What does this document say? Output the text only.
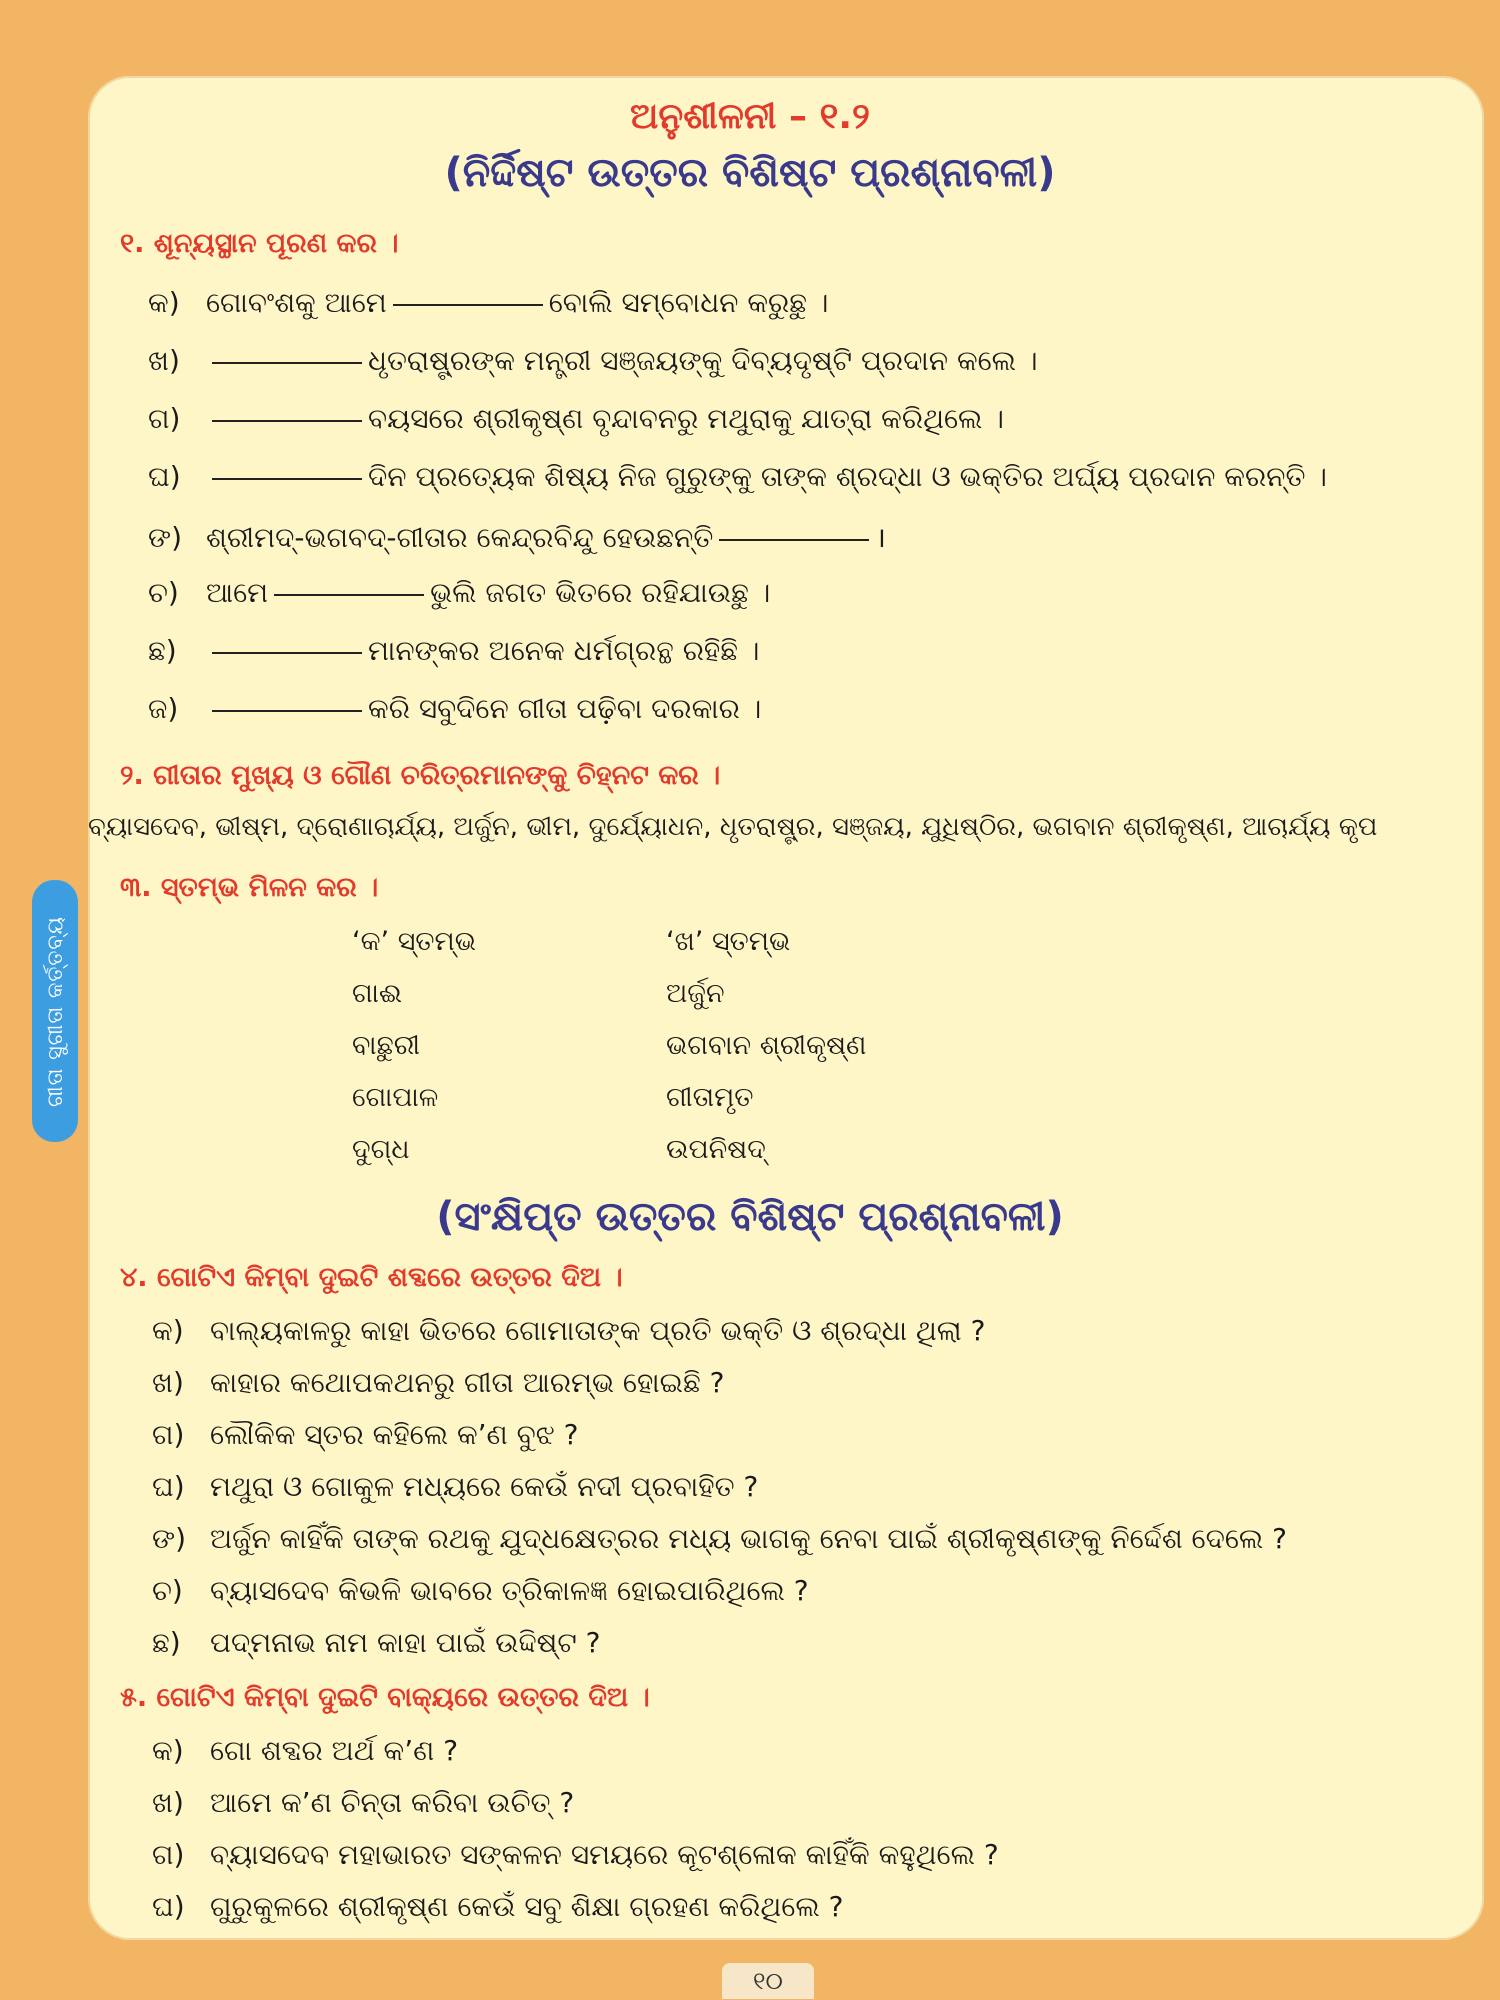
ଗୀତା ସୁଗୀତା କର୍ତ୍ତବ୍ୟ
ଅନୁଶୀଳନୀ – ୧.୨
(ନିର୍ଦ୍ଦିଷ୍ଟ ଉତ୍ତର ବିଶିଷ୍ଟ ପ୍ରଶ୍ନାବଳୀ)
୧. ଶୂନ୍ୟସ୍ଥାନ ପୂରଣ କର ।
କ) ଗୋବଂଶକୁ ଆମେ	ବୋଲି ସମ୍ବୋଧନ କରୁଛୁ ।
ଖ)	ଧୃତରାଷ୍ଟ୍ରଙ୍କ ମନ୍ତ୍ରୀ ସଞ୍ଜୟଙ୍କୁ ଦିବ୍ୟଦୃଷ୍ଟି ପ୍ରଦାନ କଲେ ।
ଗ)	ବୟସରେ ଶ୍ରୀକୃଷ୍ଣ ବୃନ୍ଦାବନରୁ ମଥୁରାକୁ ଯାତ୍ରା କରିଥିଲେ ।
ଘ)	ଦିନ ପ୍ରତ୍ୟେକ ଶିଷ୍ୟ ନିଜ ଗୁରୁଙ୍କୁ ତାଙ୍କ ଶ୍ରଦ୍ଧା ଓ ଭକ୍ତିର ଅର୍ଘ୍ୟ ପ୍ରଦାନ କରନ୍ତି ।
ଙ) ଶ୍ରୀମଦ୍-ଭଗବଦ୍-ଗୀତାର କେନ୍ଦ୍ରବିନ୍ଦୁ ହେଉଛନ୍ତି	।
ଚ) ଆମେ	ଭୁଲି ଜଗତ ଭିତରେ ରହିଯାଉଛୁ ।
ଛ)	ମାନଙ୍କର ଅନେକ ଧର୍ମଗ୍ରନ୍ଥ ରହିଛି ।
ଜ)	କରି ସବୁଦିନେ ଗୀତା ପଢ଼ିବା ଦରକାର ।
୨. ଗୀତାର ମୁଖ୍ୟ ଓ ଗୌଣ ଚରିତ୍ରମାନଙ୍କୁ ଚିହ୍ନଟ କର ।
ବ୍ୟାସଦେବ, ଭୀଷ୍ମ, ଦ୍ରୋଣାଚାର୍ଯ୍ୟ, ଅର୍ଜୁନ, ଭୀମ, ଦୁର୍ଯ୍ୟୋଧନ, ଧୃତରାଷ୍ଟ୍ର, ସଞ୍ଜୟ, ଯୁଧିଷ୍ଠିର, ଭଗବାନ ଶ୍ରୀକୃଷ୍ଣ, ଆଚାର୍ଯ୍ୟ କୃପ
୩. ସ୍ତମ୍ଭ ମିଳନ କର ।
‘କ’ ସ୍ତମ୍ଭ	‘ଖ’ ସ୍ତମ୍ଭ
ଗାଈ	ଅର୍ଜୁନ
ବାଛୁରୀ	ଭଗବାନ ଶ୍ରୀକୃଷ୍ଣ
ଗୋପାଳ	ଗୀତାମୃତ
ଦୁଗ୍ଧ	ଉପନିଷଦ୍
(ସଂକ୍ଷିପ୍ତ ଉତ୍ତର ବିଶିଷ୍ଟ ପ୍ରଶ୍ନାବଳୀ)
୪. ଗୋଟିଏ କିମ୍ବା ଦୁଇଟି ଶବ୍ଦରେ ଉତ୍ତର ଦିଅ ।
କ) ବାଲ୍ୟକାଳରୁ କାହା ଭିତରେ ଗୋମାତାଙ୍କ ପ୍ରତି ଭକ୍ତି ଓ ଶ୍ରଦ୍ଧା ଥିଲା ?
ଖ) କାହାର କଥୋପକଥନରୁ ଗୀତା ଆରମ୍ଭ ହୋଇଛି ?
ଗ) ଲୌକିକ ସ୍ତର କହିଲେ କ’ଣ ବୁଝ ?
ଘ) ମଥୁରା ଓ ଗୋକୁଳ ମଧ୍ୟରେ କେଉଁ ନଦୀ ପ୍ରବାହିତ ?
ଙ) ଅର୍ଜୁନ କାହିଁକି ତାଙ୍କ ରଥକୁ ଯୁଦ୍ଧକ୍ଷେତ୍ରର ମଧ୍ୟ ଭାଗକୁ ନେବା ପାଇଁ ଶ୍ରୀକୃଷ୍ଣଙ୍କୁ ନିର୍ଦ୍ଦେଶ ଦେଲେ ?
ଚ) ବ୍ୟାସଦେବ କିଭଳି ଭାବରେ ତ୍ରିକାଳଜ୍ଞ ହୋଇପାରିଥିଲେ ?
ଛ) ପଦ୍ମନାଭ ନାମ କାହା ପାଇଁ ଉଦ୍ଦିଷ୍ଟ ?
୫. ଗୋଟିଏ କିମ୍ବା ଦୁଇଟି ବାକ୍ୟରେ ଉତ୍ତର ଦିଅ ।
କ) ଗୋ ଶବ୍ଦର ଅର୍ଥ କ’ଣ ?
ଖ) ଆମେ କ’ଣ ଚିନ୍ତା କରିବା ଉଚିତ୍ ?
ଗ) ବ୍ୟାସଦେବ ମହାଭାରତ ସଙ୍କଳନ ସମୟରେ କୂଟଶ୍ଳୋକ କାହିଁକି କହୁଥିଲେ ?
ଘ) ଗୁରୁକୁଳରେ ଶ୍ରୀକୃଷ୍ଣ କେଉଁ ସବୁ ଶିକ୍ଷା ଗ୍ରହଣ କରିଥିଲେ ?
୧୦
